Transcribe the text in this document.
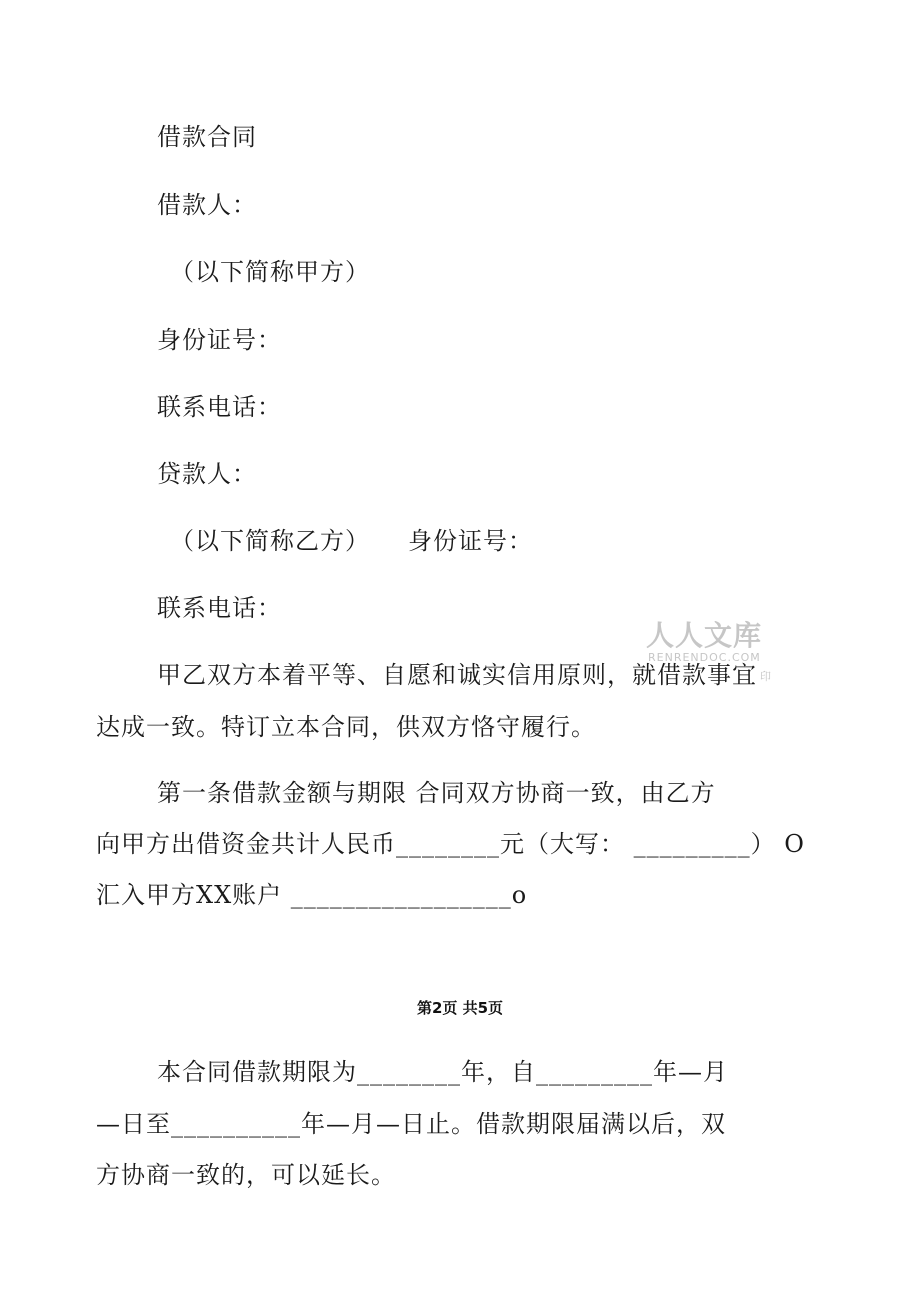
借款合同
借款人：
（以下简称甲方）
身份证号：
联系电话：
贷款人：
（以下简称乙方）　　身份证号：
联系电话：
甲乙双方本着平等、自愿和诚实信用原则，就借款事宜
达成一致。特订立本合同，供双方恪守履行。
第一条借款金额与期限 合同双方协商一致，由乙方
向甲方出借资金共计人民币________元（大写： _________） O
汇入甲方XX账户 _________________o
第2页 共5页
本合同借款期限为________年，自_________年—月
—日至__________年—月—日止。借款期限届满以后，双
方协商一致的，可以延长。
人人文库
RENRENDOC.COM
印
